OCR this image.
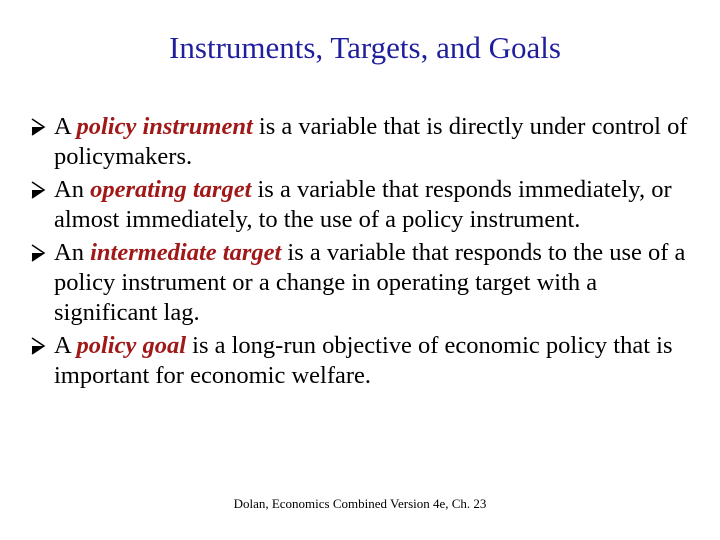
Instruments, Targets, and Goals
A policy instrument is a variable that is directly under control of policymakers.
An operating target is a variable that responds immediately, or almost immediately, to the use of a policy instrument.
An intermediate target is a variable that responds to the use of a policy instrument or a change in operating target with a significant lag.
A policy goal is a long-run objective of economic policy that is important for economic welfare.

Dolan, Economics Combined Version 4e, Ch. 23
